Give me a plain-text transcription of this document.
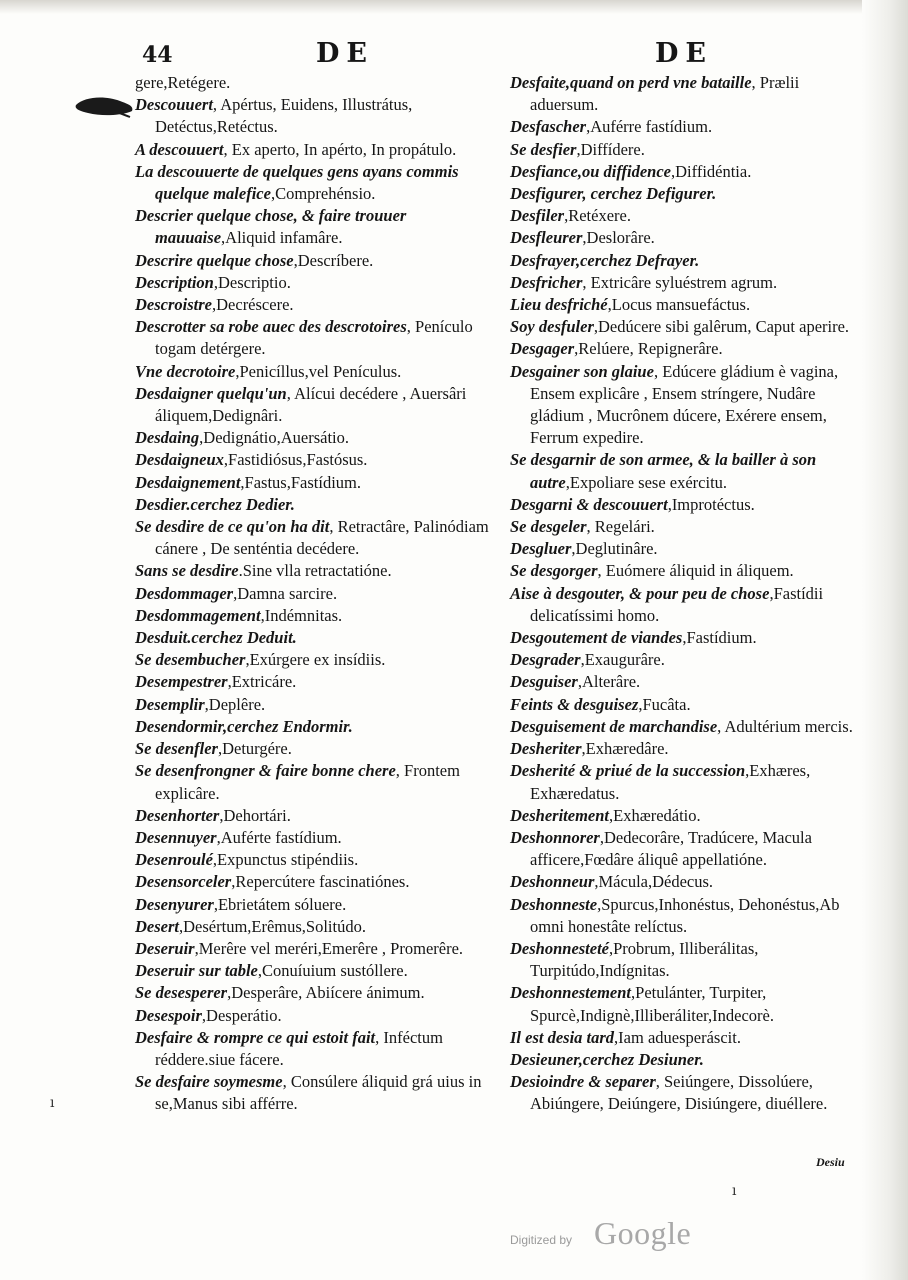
44	DE	DE

gere,Retégere.

Descouuert, Apértus, Euidens, Illustrátus, Detéctus,Retéctus.

A descouuert, Ex aperto, In apérto, In propátulo.

La descouuerte de quelques gens ayans commis quelque malefice,Comprehénsio.

Descrier quelque chose, & faire trouuer mauuaise,Aliquid infamâre.

Descrire quelque chose,Descríbere.

Description,Descriptio.

Descroistre,Decréscere.

Descrotter sa robe auec des descrotoires, Penículo togam detérgere.

Vne decrotoire,Penicíllus,vel Penículus.

Desdaigner quelqu'un, Alícui decédere , Auersâri áliquem,Dedignâri.

Desdaing,Dedignátio,Auersátio.

Desdaigneux,Fastidiósus,Fastósus.

Desdaignement,Fastus,Fastídium.

Desdier.cerchez Dedier.

Se desdire de ce qu'on ha dit, Retractâre, Palinódiam cánere , De senténtia decédere.

Sans se desdire.Sine vlla retractatióne.

Desdommager,Damna sarcire.

Desdommagement,Indémnitas.

Desduit.cerchez Deduit.

Se desembucher,Exúrgere ex insídiis.

Desempestrer,Extricáre.

Desemplir,Deplêre.

Desendormir,cerchez Endormir.

Se desenfler,Deturgére.

Se desenfrongner & faire bonne chere, Frontem explicâre.

Desenhorter,Dehortári.

Desennuyer,Auférte fastídium.

Desenroulé,Expunctus stipéndiis.

Desensorceler,Repercútere fascinatiónes.

Desenyurer,Ebrietátem sóluere.

Desert,Desértum,Erêmus,Solitúdo.

Deseruir,Merêre vel meréri,Emerêre , Promerêre.

Deseruir sur table,Conuíuium sustóllere.

Se desesperer,Desperâre, Abiícere ánimum.

Desespoir,Desperátio.

Desfaire & rompre ce qui estoit fait, Inféctum réddere.siue fácere.

Se desfaire soymesme, Consúlere áliquid grá uius in se,Manus sibi afférre.

Desfaite,quand on perd vne bataille, Prælii aduersum.

Desfascher,Auférre fastídium.

Se desfier,Diffídere.

Desfiance,ou diffidence,Diffidéntia.

Desfigurer, cerchez Defigurer.

Desfiler,Retéxere.

Desfleurer,Deslorâre.

Desfrayer,cerchez Defrayer.

Desfricher, Extricâre syluéstrem agrum.

Lieu desfriché,Locus mansuefáctus.

Soy desfuler,Dedúcere sibi galêrum, Caput aperire.

Desgager,Relúere, Repignerâre.

Desgainer son glaiue, Edúcere gládium è vagina, Ensem explicâre , Ensem stríngere, Nudâre gládium , Mucrônem dúcere, Exérere ensem, Ferrum expedire.

Se desgarnir de son armee, & la bailler à son autre,Expoliare sese exércitu.

Desgarni & descouuert,Improtéctus.

Se desgeler, Regelári.

Desgluer,Deglutinâre.

Se desgorger, Euómere áliquid in áliquem.

Aise à desgouter, & pour peu de chose,Fastídii delicatíssimi homo.

Desgoutement de viandes,Fastídium.

Desgrader,Exaugurâre.

Desguiser,Alterâre.

Feints & desguisez,Fucâta.

Desguisement de marchandise, Adultérium mercis.

Desheriter,Exhæredâre.

Desherité & priué de la succession,Exhæres, Exhæredatus.

Desheritement,Exhæredátio.

Deshonnorer,Dedecorâre, Tradúcere, Macula afficere,Fœdâre áliquê appellatióne.

Deshonneur,Mácula,Dédecus.

Deshonneste,Spurcus,Inhonéstus, Dehonéstus,Ab omni honestâte relíctus.

Deshonnesteté,Probrum, Illiberálitas, Turpitúdo,Indígnitas.

Deshonnestement,Petulánter, Turpiter, Spurcè,Indignè,Illiberáliter,Indecorè.

Il est desia tard,Iam aduesperáscit.

Desieuner,cerchez Desiuner.

Desioindre & separer, Seiúngere, Dissolúere, Abiúngere, Deiúngere, Disiúngere, diuéllere.

ı
ı
Desiu
Digitized by Google
